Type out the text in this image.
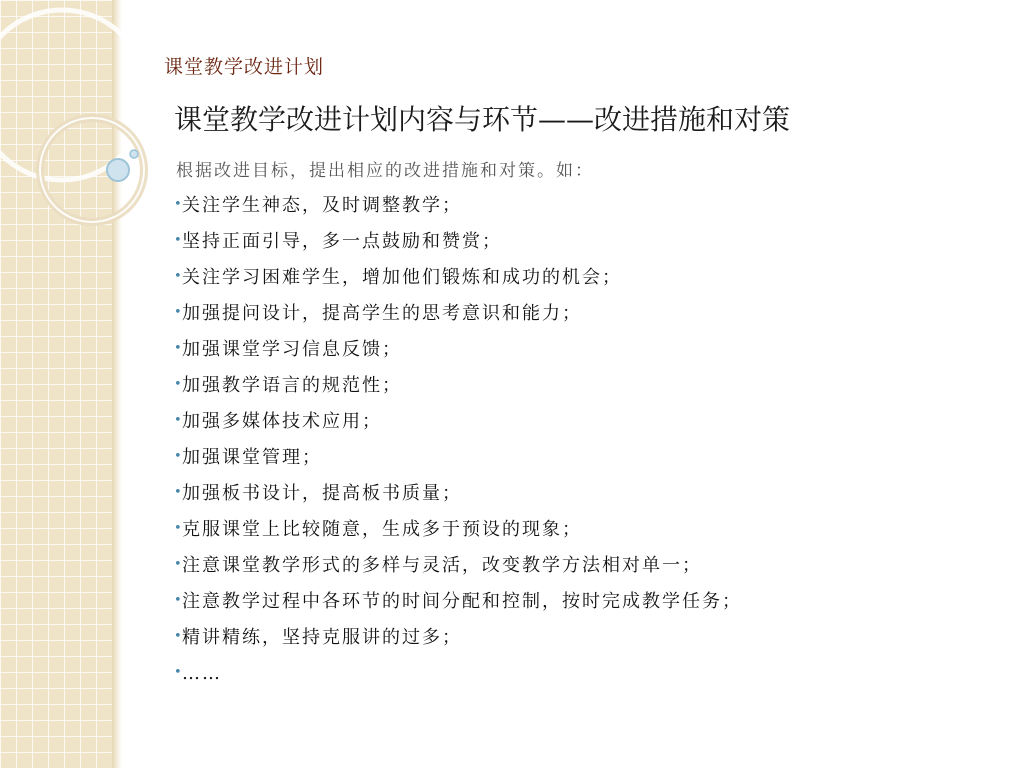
课堂教学改进计划
课堂教学改进计划内容与环节——改进措施和对策
根据改进目标，提出相应的改进措施和对策。如：
•
关注学生神态，及时调整教学；
•
坚持正面引导，多一点鼓励和赞赏；
•
关注学习困难学生，增加他们锻炼和成功的机会；
•
加强提问设计，提高学生的思考意识和能力；
•
加强课堂学习信息反馈；
•
加强教学语言的规范性；
•
加强多媒体技术应用；
•
加强课堂管理；
•
加强板书设计，提高板书质量；
•
克服课堂上比较随意，生成多于预设的现象；
•
注意课堂教学形式的多样与灵活，改变教学方法相对单一；
•
注意教学过程中各环节的时间分配和控制，按时完成教学任务；
•
精讲精练，坚持克服讲的过多；
•
……
